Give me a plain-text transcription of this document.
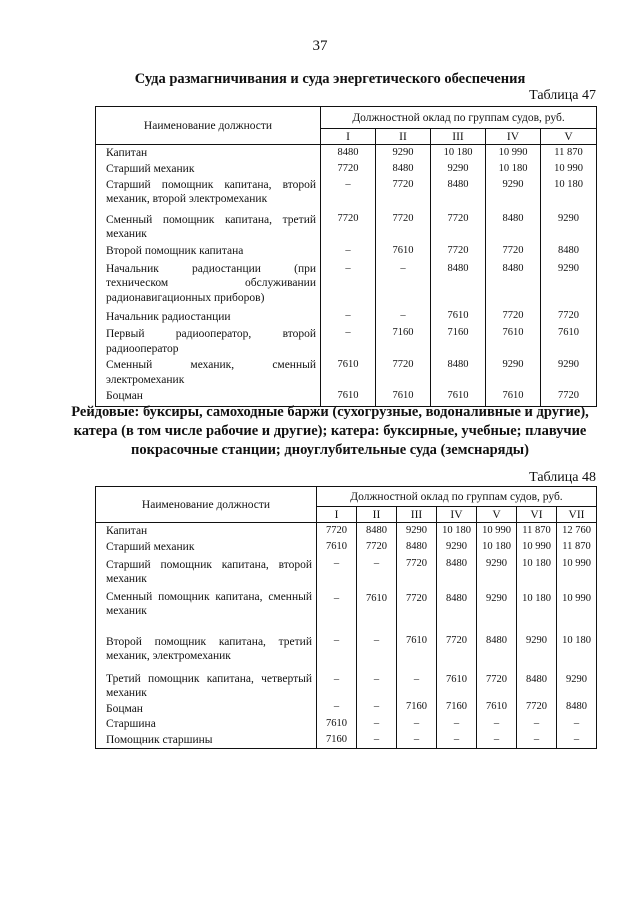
37
Суда размагничивания и суда энергетического обеспечения
Таблица 47
Наименование должности	Должностной оклад по группам судов, руб.				
	I	II	III	IV	V
Капитан	8480	9290	10 180	10 990	11 870
Старший механик	7720	8480	9290	10 180	10 990
Старший помощник капитана, второй механик, второй электромеханик	–	7720	8480	9290	10 180
Сменный помощник капитана, третий механик	7720	7720	7720	8480	9290
Второй помощник капитана	–	7610	7720	7720	8480
Начальник радиостанции (при техническом обслуживании радионавигационных приборов)	–	–	8480	8480	9290
Начальник радиостанции	–	–	7610	7720	7720
Первый радиооператор, второй радиооператор	–	7160	7160	7610	7610
Сменный механик, сменный электромеханик	7610	7720	8480	9290	9290
Боцман	7610	7610	7610	7610	7720
Рейдовые: буксиры, самоходные баржи (сухогрузные, водоналивные и другие), катера (в том числе рабочие и другие); катера: буксирные, учебные; плавучие покрасочные станции; дноуглубительные суда (земснаряды)
Таблица 48
Наименование должности	Должностной оклад по группам судов, руб.						
	I	II	III	IV	V	VI	VII
Капитан	7720	8480	9290	10 180	10 990	11 870	12 760
Старший механик	7610	7720	8480	9290	10 180	10 990	11 870
Старший помощник капитана, второй механик	–	–	7720	8480	9290	10 180	10 990
Сменный помощник капитана, сменный механик	–	7610	7720	8480	9290	10 180	10 990
Второй помощник капитана, третий механик, электромеханик	–	–	7610	7720	8480	9290	10 180
Третий помощник капитана, четвертый механик	–	–	–	7610	7720	8480	9290
Боцман	–	–	7160	7160	7610	7720	8480
Старшина	7610	–	–	–	–	–	–
Помощник старшины	7160	–	–	–	–	–	–
